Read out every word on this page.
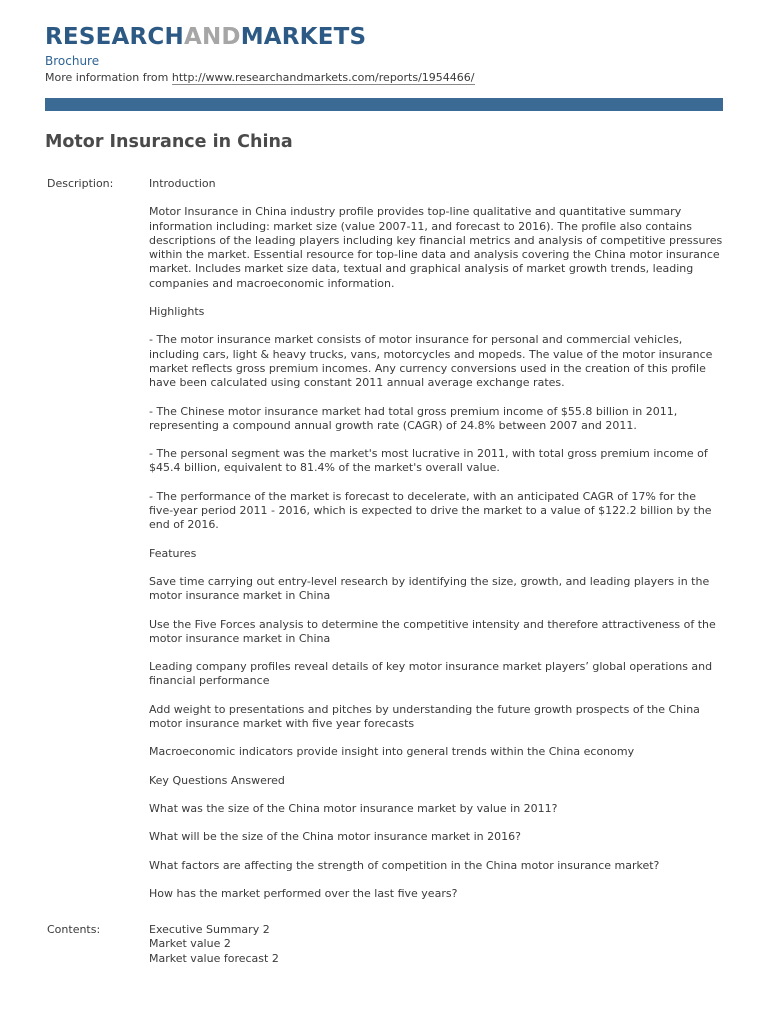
RESEARCHANDMARKETS
Brochure
More information from http://www.researchandmarkets.com/reports/1954466/
Motor Insurance in China
Description:	Introduction

Motor Insurance in China industry profile provides top-line qualitative and quantitative summary information including: market size (value 2007-11, and forecast to 2016). The profile also contains descriptions of the leading players including key financial metrics and analysis of competitive pressures within the market. Essential resource for top-line data and analysis covering the China motor insurance market. Includes market size data, textual and graphical analysis of market growth trends, leading companies and macroeconomic information.

Highlights

- The motor insurance market consists of motor insurance for personal and commercial vehicles, including cars, light & heavy trucks, vans, motorcycles and mopeds. The value of the motor insurance market reflects gross premium incomes. Any currency conversions used in the creation of this profile have been calculated using constant 2011 annual average exchange rates.

- The Chinese motor insurance market had total gross premium income of $55.8 billion in 2011, representing a compound annual growth rate (CAGR) of 24.8% between 2007 and 2011.

- The personal segment was the market's most lucrative in 2011, with total gross premium income of $45.4 billion, equivalent to 81.4% of the market's overall value.

- The performance of the market is forecast to decelerate, with an anticipated CAGR of 17% for the five-year period 2011 - 2016, which is expected to drive the market to a value of $122.2 billion by the end of 2016.

Features

Save time carrying out entry-level research by identifying the size, growth, and leading players in the motor insurance market in China

Use the Five Forces analysis to determine the competitive intensity and therefore attractiveness of the motor insurance market in China

Leading company profiles reveal details of key motor insurance market players’ global operations and financial performance

Add weight to presentations and pitches by understanding the future growth prospects of the China motor insurance market with five year forecasts

Macroeconomic indicators provide insight into general trends within the China economy

Key Questions Answered

What was the size of the China motor insurance market by value in 2011?

What will be the size of the China motor insurance market in 2016?

What factors are affecting the strength of competition in the China motor insurance market?

How has the market performed over the last five years?

Contents:	Executive Summary 2
Market value 2
Market value forecast 2
